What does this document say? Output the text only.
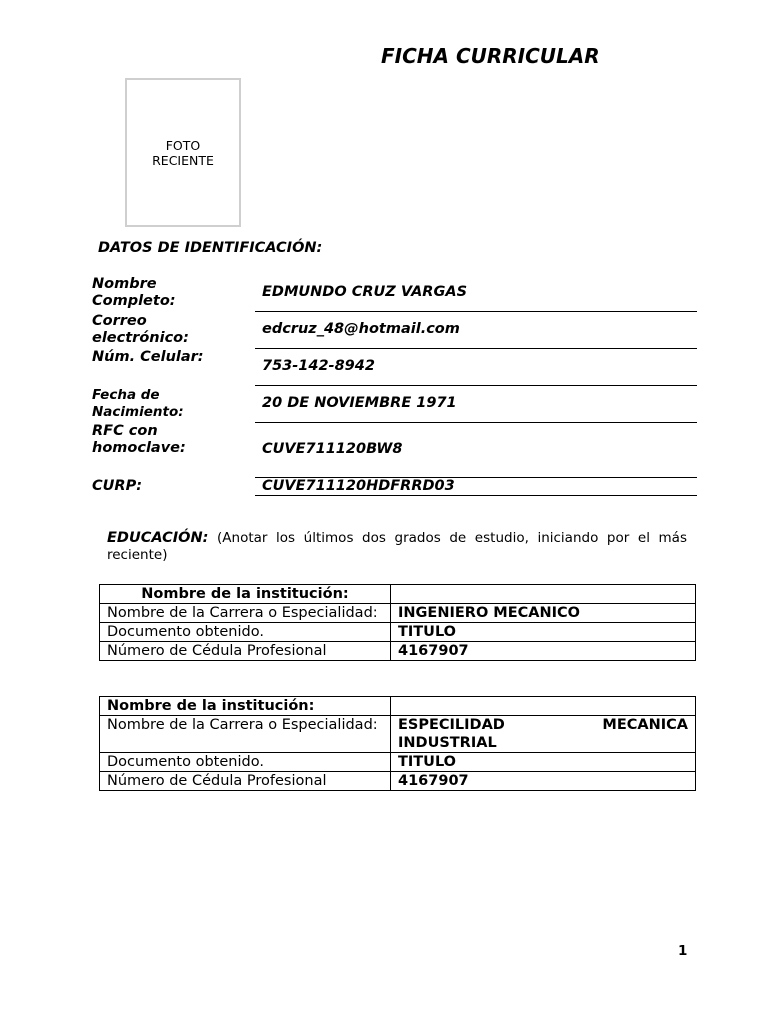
FICHA CURRICULAR
FOTO
RECIENTE
DATOS DE IDENTIFICACIÓN:
Nombre
Completo:
EDMUNDO CRUZ VARGAS
Correo
electrónico:
edcruz_48@hotmail.com
Núm. Celular:
753-142-8942
Fecha de
Nacimiento:
20 DE NOVIEMBRE 1971
RFC con
homoclave:	CUVE711120BW8
CURP:	CUVE711120HDFRRD03
EDUCACIÓN: (Anotar los últimos dos grados de estudio, iniciando por el más reciente)
Nombre de la institución:	
Nombre de la Carrera o Especialidad:	INGENIERO MECANICO
Documento obtenido.	TITULO
Número de Cédula Profesional	4167907
Nombre de la institución:	
Nombre de la Carrera o Especialidad:	ESPECILIDAD MECANICA INDUSTRIAL
Documento obtenido.	TITULO
Número de Cédula Profesional	4167907
1
